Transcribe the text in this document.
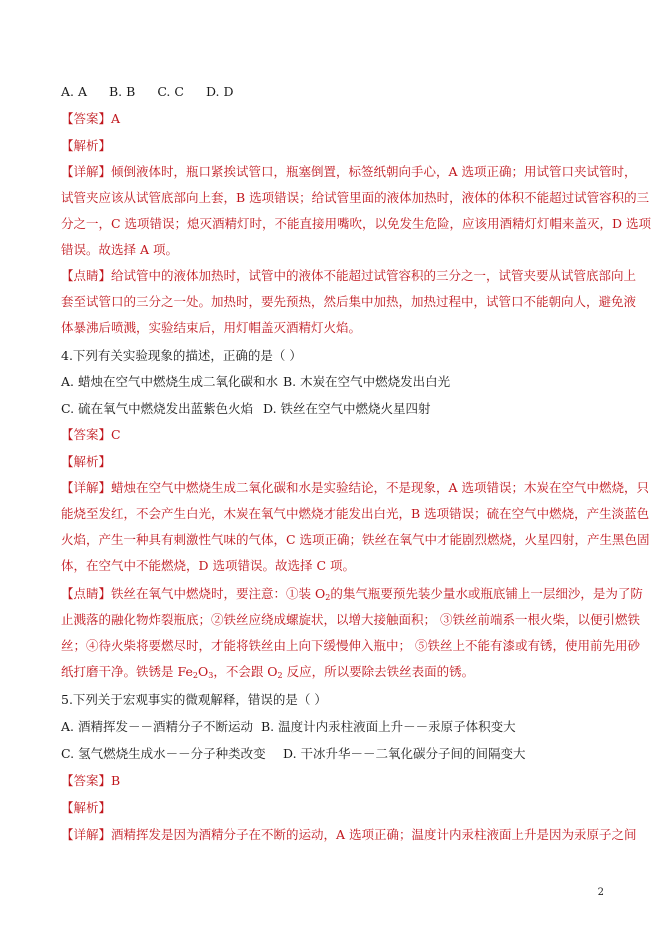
A. A B. B C. C D. D
【答案】A
【解析】
【详解】倾倒液体时，瓶口紧挨试管口，瓶塞倒置，标签纸朝向手心，A 选项正确；用试管口夹试管时，
试管夹应该从试管底部向上套，B 选项错误；给试管里面的液体加热时，液体的体积不能超过试管容积的三
分之一，C 选项错误；熄灭酒精灯时，不能直接用嘴吹，以免发生危险，应该用酒精灯灯帽来盖灭，D 选项
错误。故选择 A 项。
【点睛】给试管中的液体加热时，试管中的液体不能超过试管容积的三分之一，试管夹要从试管底部向上
套至试管口的三分之一处。加热时，要先预热，然后集中加热，加热过程中，试管口不能朝向人，避免液
体暴沸后喷溅，实验结束后，用灯帽盖灭酒精灯火焰。
4.下列有关实验现象的描述，正确的是（ ）
A. 蜡烛在空气中燃烧生成二氧化碳和水 B. 木炭在空气中燃烧发出白光
C. 硫在氧气中燃烧发出蓝紫色火焰 D. 铁丝在空气中燃烧火星四射
【答案】C
【解析】
【详解】蜡烛在空气中燃烧生成二氧化碳和水是实验结论，不是现象，A 选项错误；木炭在空气中燃烧，只
能烧至发红，不会产生白光，木炭在氧气中燃烧才能发出白光，B 选项错误；硫在空气中燃烧，产生淡蓝色
火焰，产生一种具有刺激性气味的气体，C 选项正确；铁丝在氧气中才能剧烈燃烧，火星四射，产生黑色固
体，在空气中不能燃烧，D 选项错误。故选择 C 项。
【点睛】铁丝在氧气中燃烧时，要注意：①装 $O_2$的集气瓶要预先装少量水或瓶底铺上一层细沙，是为了防
止溅落的融化物炸裂瓶底；②铁丝应绕成螺旋状，以增大接触面积； ③铁丝前端系一根火柴，以便引燃铁
丝；④待火柴将要燃尽时，才能将铁丝由上向下缓慢伸入瓶中； ⑤铁丝上不能有漆或有锈，使用前先用砂
纸打磨干净。铁锈是 $Fe_2O_3$，不会跟 $O_2$ 反应，所以要除去铁丝表面的锈。
5.下列关于宏观事实的微观解释，错误的是（ ）
A. 酒精挥发－－酒精分子不断运动 B. 温度计内汞柱液面上升－－汞原子体积变大
C. 氢气燃烧生成水－－分子种类改变 D. 干冰升华－－二氧化碳分子间的间隔变大
【答案】B
【解析】
【详解】酒精挥发是因为酒精分子在不断的运动，A 选项正确；温度计内汞柱液面上升是因为汞原子之间
2
